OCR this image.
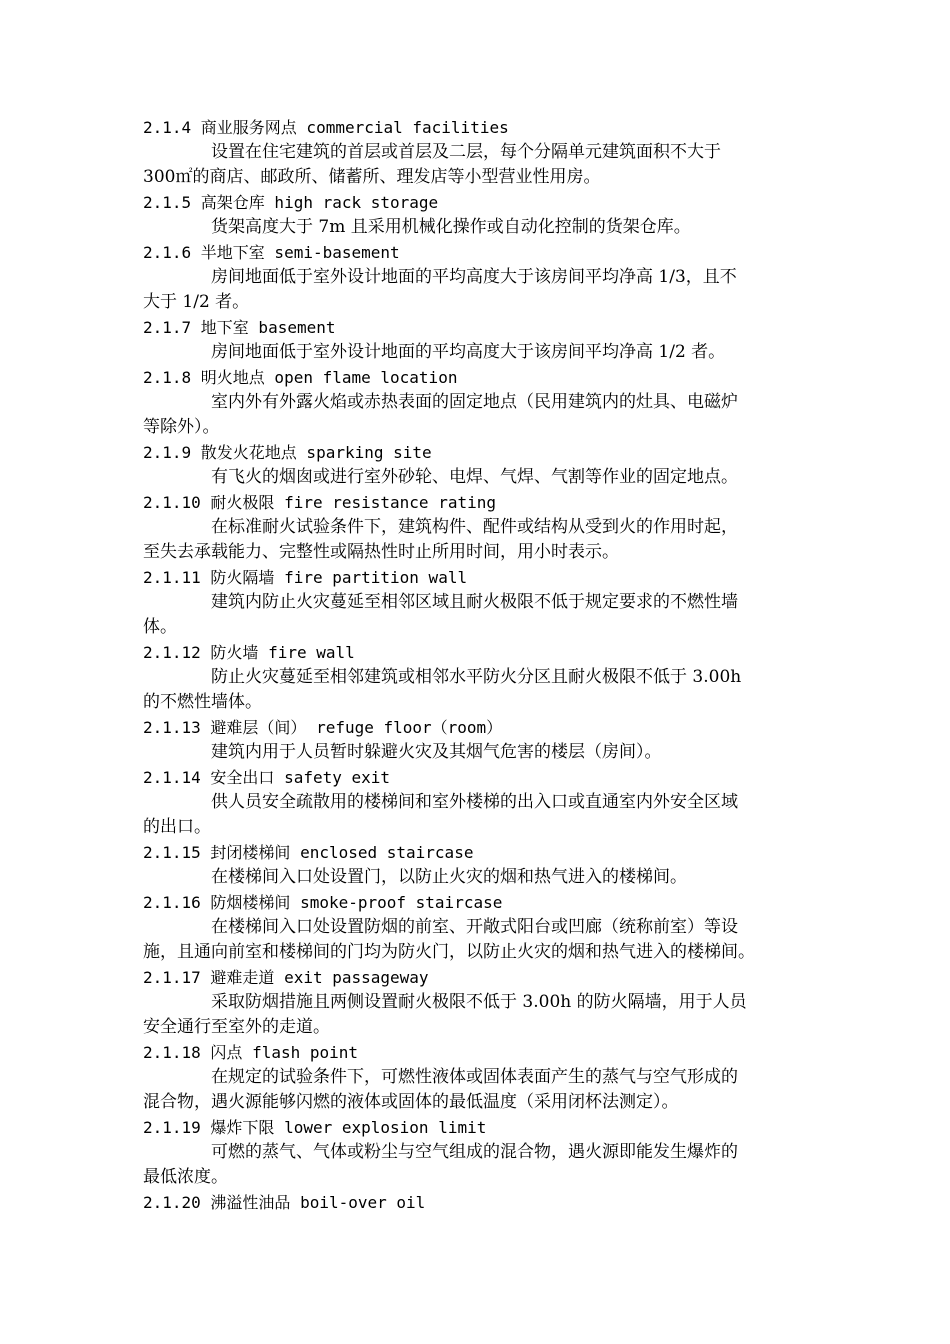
2.1.4 商业服务网点 commercial facilities
设置在住宅建筑的首层或首层及二层，每个分隔单元建筑面积不大于
300㎡的商店、邮政所、储蓄所、理发店等小型营业性用房。
2.1.5 高架仓库 high rack storage
货架高度大于 7m 且采用机械化操作或自动化控制的货架仓库。
2.1.6 半地下室 semi-basement
房间地面低于室外设计地面的平均高度大于该房间平均净高 1/3，且不
大于 1/2 者。
2.1.7 地下室 basement
房间地面低于室外设计地面的平均高度大于该房间平均净高 1/2 者。
2.1.8 明火地点 open flame location
室内外有外露火焰或赤热表面的固定地点（民用建筑内的灶具、电磁炉
等除外）。
2.1.9 散发火花地点 sparking site
有飞火的烟囱或进行室外砂轮、电焊、气焊、气割等作业的固定地点。
2.1.10 耐火极限 fire resistance rating
在标准耐火试验条件下，建筑构件、配件或结构从受到火的作用时起，
至失去承载能力、完整性或隔热性时止所用时间，用小时表示。
2.1.11 防火隔墙 fire partition wall
建筑内防止火灾蔓延至相邻区域且耐火极限不低于规定要求的不燃性墙
体。
2.1.12 防火墙 fire wall
防止火灾蔓延至相邻建筑或相邻水平防火分区且耐火极限不低于 3.00h
的不燃性墙体。
2.1.13 避难层（间） refuge floor（room）
建筑内用于人员暂时躲避火灾及其烟气危害的楼层（房间）。
2.1.14 安全出口 safety exit
供人员安全疏散用的楼梯间和室外楼梯的出入口或直通室内外安全区域
的出口。
2.1.15 封闭楼梯间 enclosed staircase
在楼梯间入口处设置门，以防止火灾的烟和热气进入的楼梯间。
2.1.16 防烟楼梯间 smoke-proof staircase
在楼梯间入口处设置防烟的前室、开敞式阳台或凹廊（统称前室）等设
施，且通向前室和楼梯间的门均为防火门，以防止火灾的烟和热气进入的楼梯间。
2.1.17 避难走道 exit passageway
采取防烟措施且两侧设置耐火极限不低于 3.00h 的防火隔墙，用于人员
安全通行至室外的走道。
2.1.18 闪点 flash point
在规定的试验条件下，可燃性液体或固体表面产生的蒸气与空气形成的
混合物，遇火源能够闪燃的液体或固体的最低温度（采用闭杯法测定）。
2.1.19 爆炸下限 lower explosion limit
可燃的蒸气、气体或粉尘与空气组成的混合物，遇火源即能发生爆炸的
最低浓度。
2.1.20 沸溢性油品 boil-over oil
